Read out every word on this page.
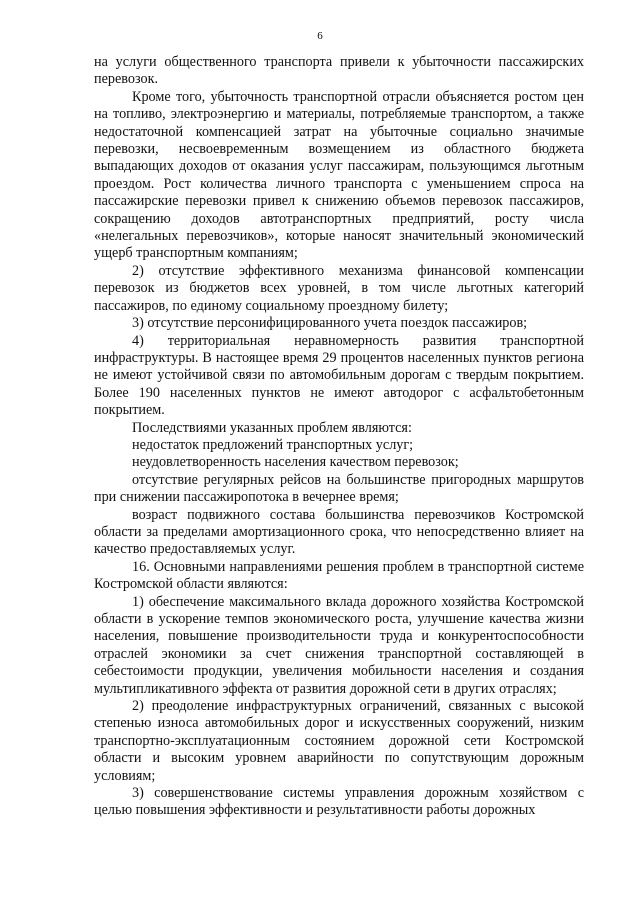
6

на услуги общественного транспорта привели к убыточности пассажирских перевозок.

Кроме того, убыточность транспортной отрасли объясняется ростом цен на топливо, электроэнергию и материалы, потребляемые транспортом, а также недостаточной компенсацией затрат на убыточные социально значимые перевозки, несвоевременным возмещением из областного бюджета выпадающих доходов от оказания услуг пассажирам, пользующимся льготным проездом. Рост количества личного транспорта с уменьшением спроса на пассажирские перевозки привел к снижению объемов перевозок пассажиров, сокращению доходов автотранспортных предприятий, росту числа «нелегальных перевозчиков», которые наносят значительный экономический ущерб транспортным компаниям;

2) отсутствие эффективного механизма финансовой компенсации перевозок из бюджетов всех уровней, в том числе льготных категорий пассажиров, по единому социальному проездному билету;

3) отсутствие персонифицированного учета поездок пассажиров;

4) территориальная неравномерность развития транспортной инфраструктуры. В настоящее время 29 процентов населенных пунктов региона не имеют устойчивой связи по автомобильным дорогам с твердым покрытием. Более 190 населенных пунктов не имеют автодорог с асфальтобетонным покрытием.

Последствиями указанных проблем являются:

недостаток предложений транспортных услуг;

неудовлетворенность населения качеством перевозок;

отсутствие регулярных рейсов на большинстве пригородных маршрутов при снижении пассажиропотока в вечернее время;

возраст подвижного состава большинства перевозчиков Костромской области за пределами амортизационного срока, что непосредственно влияет на качество предоставляемых услуг.

16. Основными направлениями решения проблем в транспортной системе Костромской области являются:

1) обеспечение максимального вклада дорожного хозяйства Костромской области в ускорение темпов экономического роста, улучшение качества жизни населения, повышение производительности труда и конкурентоспособности отраслей экономики за счет снижения транспортной составляющей в себестоимости продукции, увеличения мобильности населения и создания мультипликативного эффекта от развития дорожной сети в других отраслях;

2) преодоление инфраструктурных ограничений, связанных с высокой степенью износа автомобильных дорог и искусственных сооружений, низким транспортно-эксплуатационным состоянием дорожной сети Костромской области и высоким уровнем аварийности по сопутствующим дорожным условиям;

3) совершенствование системы управления дорожным хозяйством с целью повышения эффективности и результативности работы дорожных
